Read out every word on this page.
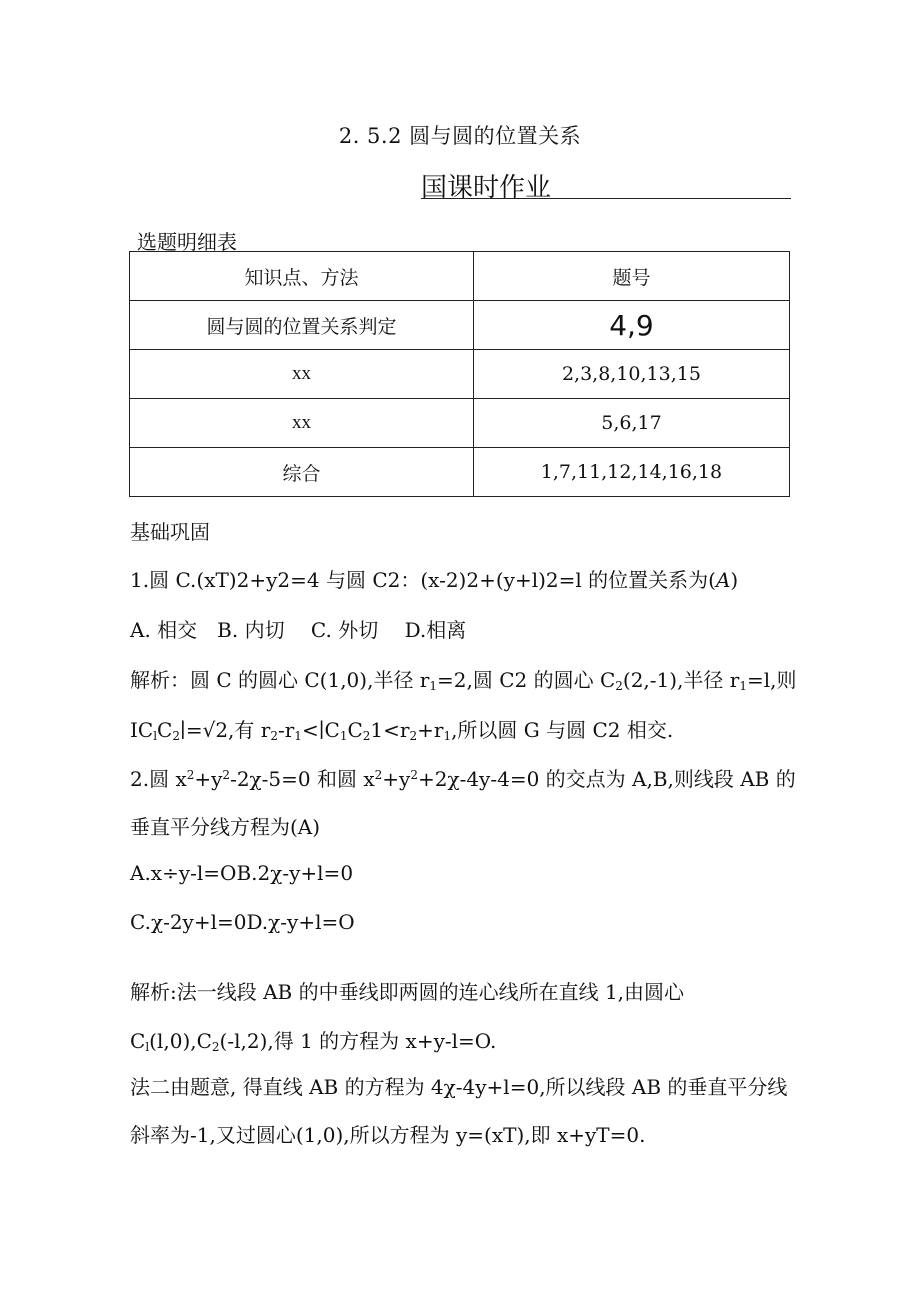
2. 5.2 圆与圆的位置关系
国课时作业
选题明细表
知识点、方法	题号
圆与圆的位置关系判定	4,9
xx	2,3,8,10,13,15
xx	5,6,17
综合	1,7,11,12,14,16,18
基础巩固
1.圆 C.(xT)2+y2=4 与圆 C2：(x-2)2+(y+l)2=l 的位置关系为(A)
A. 相交　B. 内切　 C. 外切　 D.相离
解析：圆 C 的圆心 C(1,0),半径 $r_1=2$,圆 C2 的圆心 $C_2(2,-1)$,半径 $r_1=l$,则
$IC_lC_2∣=√2$,有 $r_2-r_1<∣C_1C_21<r_2+r_1$,所以圆 G 与圆 C2 相交.
2.圆 $x^2+y^2-2\chi-5=0$ 和圆 $x^2+y^2+2\chi-4y-4=0$ 的交点为 A,B,则线段 AB 的
垂直平分线方程为(A)
A.x÷y-l=OB.2χ-y+l=0
C.χ-2y+l=0D.χ-y+l=O
解析:法一线段 AB 的中垂线即两圆的连心线所在直线 1,由圆心
$C_l(l,0),C_2(-l,2)$,得 1 的方程为 x+y-l=O.
法二由题意, 得直线 AB 的方程为 4χ-4y+l=0,所以线段 AB 的垂直平分线
斜率为-1,又过圆心(1,0),所以方程为 y=(xT),即 x+yT=0.
